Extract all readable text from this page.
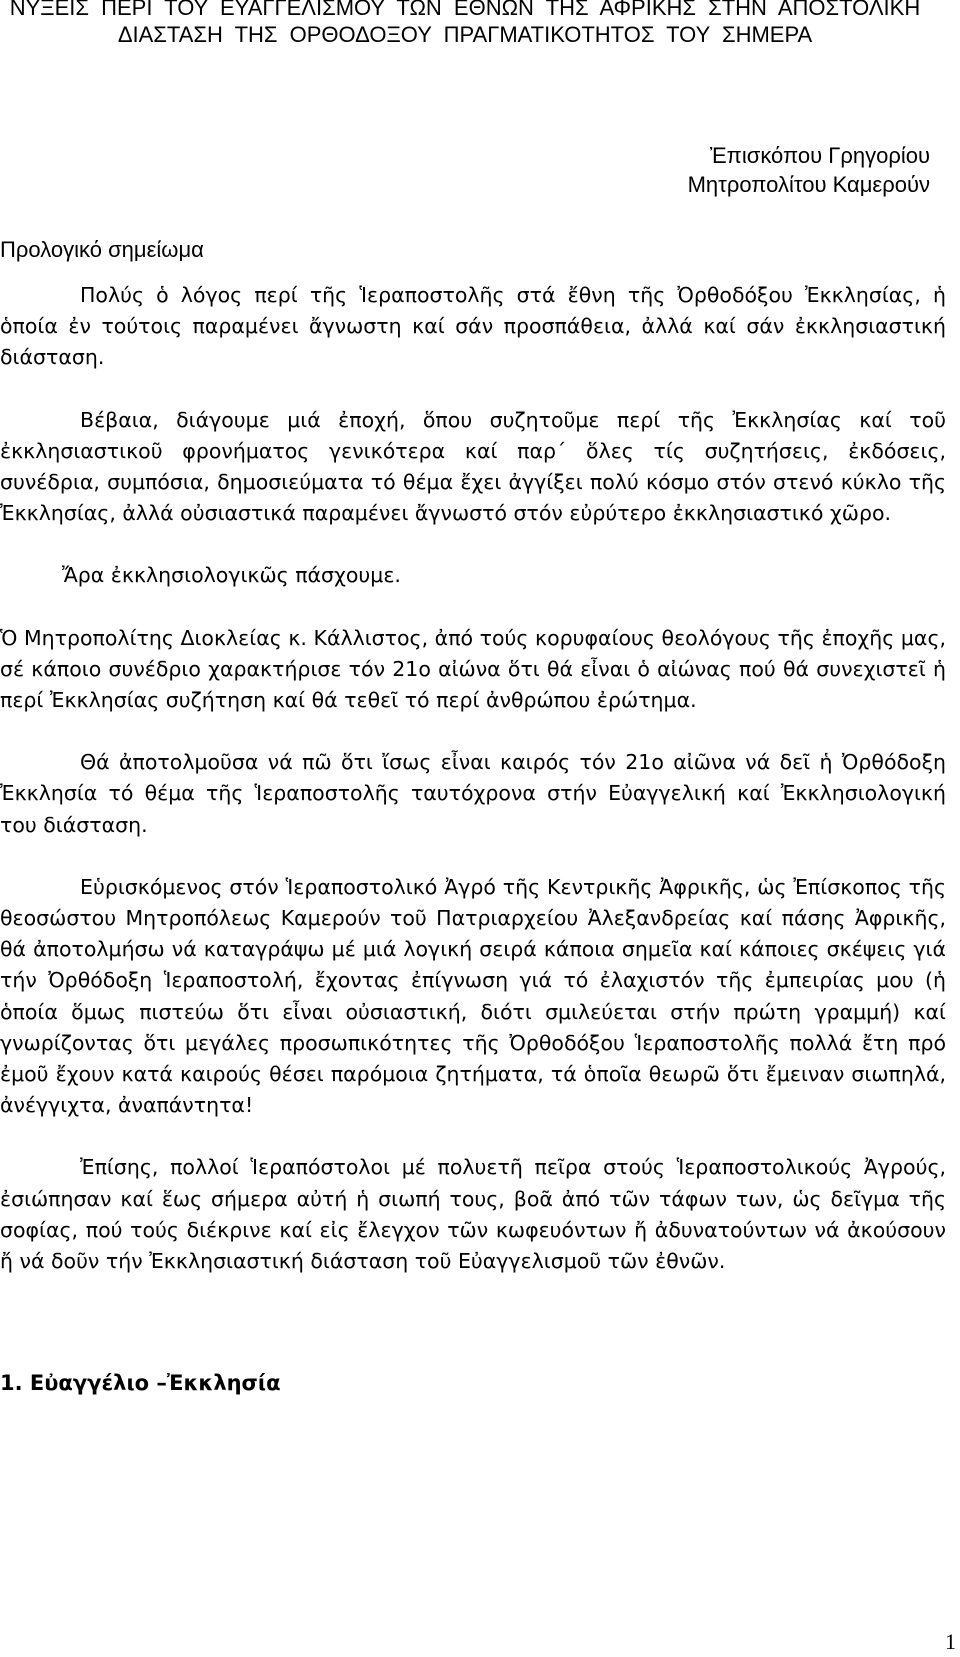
ΝΥΞΕΙΣ ΠΕΡΙ ΤΟΥ ΕΥΑΓΓΕΛΙΣΜΟΥ ΤΩΝ ΕΘΝΩΝ ΤΗΣ ΑΦΡΙΚΗΣ ΣΤΗΝ ΑΠΟΣΤΟΛΙΚΗ ΔΙΑΣΤΑΣΗ ΤΗΣ ΟΡΘΟΔΟΞΟΥ ΠΡΑΓΜΑΤΙΚΟΤΗΤΟΣ ΤΟΥ ΣΗΜΕΡΑ
Ἐπισκόπου Γρηγορίου
Μητροπολίτου Καμερούν
Προλογικό σημείωμα

Πολύς ὁ λόγος περί τῆς Ἱεραποστολῆς στά ἔθνη τῆς Ὀρθοδόξου Ἐκκλησίας, ἡ ὁποία ἐν τούτοις παραμένει ἄγνωστη καί σάν προσπάθεια, ἀλλά καί σάν ἐκκλησιαστική διάσταση.

Βέβαια, διάγουμε μιά ἐποχή, ὅπου συζητοῦμε περί τῆς Ἐκκλησίας καί τοῦ ἐκκλησιαστικοῦ φρονήματος γενικότερα καί παρ΄ ὅλες τίς συζητήσεις, ἐκδόσεις, συνέδρια, συμπόσια, δημοσιεύματα τό θέμα ἔχει ἀγγίξει πολύ κόσμο στόν στενό κύκλο τῆς Ἐκκλησίας, ἀλλά οὐσιαστικά παραμένει ἄγνωστό στόν εὐρύτερο ἐκκλησιαστικό χῶρο.

Ἄρα ἐκκλησιολογικῶς πάσχουμε.

Ὁ Μητροπολίτης Διοκλείας κ. Κάλλιστος, ἀπό τούς κορυφαίους θεολόγους τῆς ἐποχῆς μας, σέ κάποιο συνέδριο χαρακτήρισε τόν 21ο αἰώνα ὅτι θά εἶναι ὁ αἰώνας πού θά συνεχιστεῖ ἡ περί Ἐκκλησίας συζήτηση καί θά τεθεῖ τό περί ἀνθρώπου ἐρώτημα.

Θά ἀποτολμοῦσα νά πῶ ὅτι ἴσως εἶναι καιρός τόν 21ο αἰῶνα νά δεῖ ἡ Ὀρθόδοξη Ἐκκλησία τό θέμα τῆς Ἱεραποστολῆς ταυτόχρονα στήν Εὐαγγελική καί Ἐκκλησιολογική του διάσταση.

Εὑρισκόμενος στόν Ἱεραποστολικό Ἀγρό τῆς Κεντρικῆς Ἀφρικῆς, ὡς Ἐπίσκοπος τῆς θεοσώστου Μητροπόλεως Καμερούν τοῦ Πατριαρχείου Ἀλεξανδρείας καί πάσης Ἀφρικῆς, θά ἀποτολμήσω νά καταγράψω μέ μιά λογική σειρά κάποια σημεῖα καί κάποιες σκέψεις γιά τήν Ὀρθόδοξη Ἱεραποστολή, ἔχοντας ἐπίγνωση γιά τό ἐλαχιστόν τῆς ἐμπειρίας μου (ἡ ὁποία ὅμως πιστεύω ὅτι εἶναι οὐσιαστική, διότι σμιλεύεται στήν πρώτη γραμμή) καί γνωρίζοντας ὅτι μεγάλες προσωπικότητες τῆς Ὀρθοδόξου Ἱεραποστολῆς πολλά ἔτη πρό ἐμοῦ ἔχουν κατά καιρούς θέσει παρόμοια ζητήματα, τά ὁποῖα θεωρῶ ὅτι ἔμειναν σιωπηλά, ἀνέγγιχτα, ἀναπάντητα!

Ἐπίσης, πολλοί Ἱεραπόστολοι μέ πολυετῆ πεῖρα στούς Ἱεραποστολικούς Ἀγρούς, ἐσιώπησαν καί ἕως σήμερα αὐτή ἡ σιωπή τους, βοᾶ ἀπό τῶν τάφων των, ὡς δεῖγμα τῆς σοφίας, πού τούς διέκρινε καί εἰς ἔλεγχον τῶν κωφευόντων ἤ ἀδυνατούντων νά ἀκούσουν ἤ νά δοῦν τήν Ἐκκλησιαστική διάσταση τοῦ Εὐαγγελισμοῦ τῶν ἐθνῶν.

1. Εὐαγγέλιο –Ἐκκλησία
1
